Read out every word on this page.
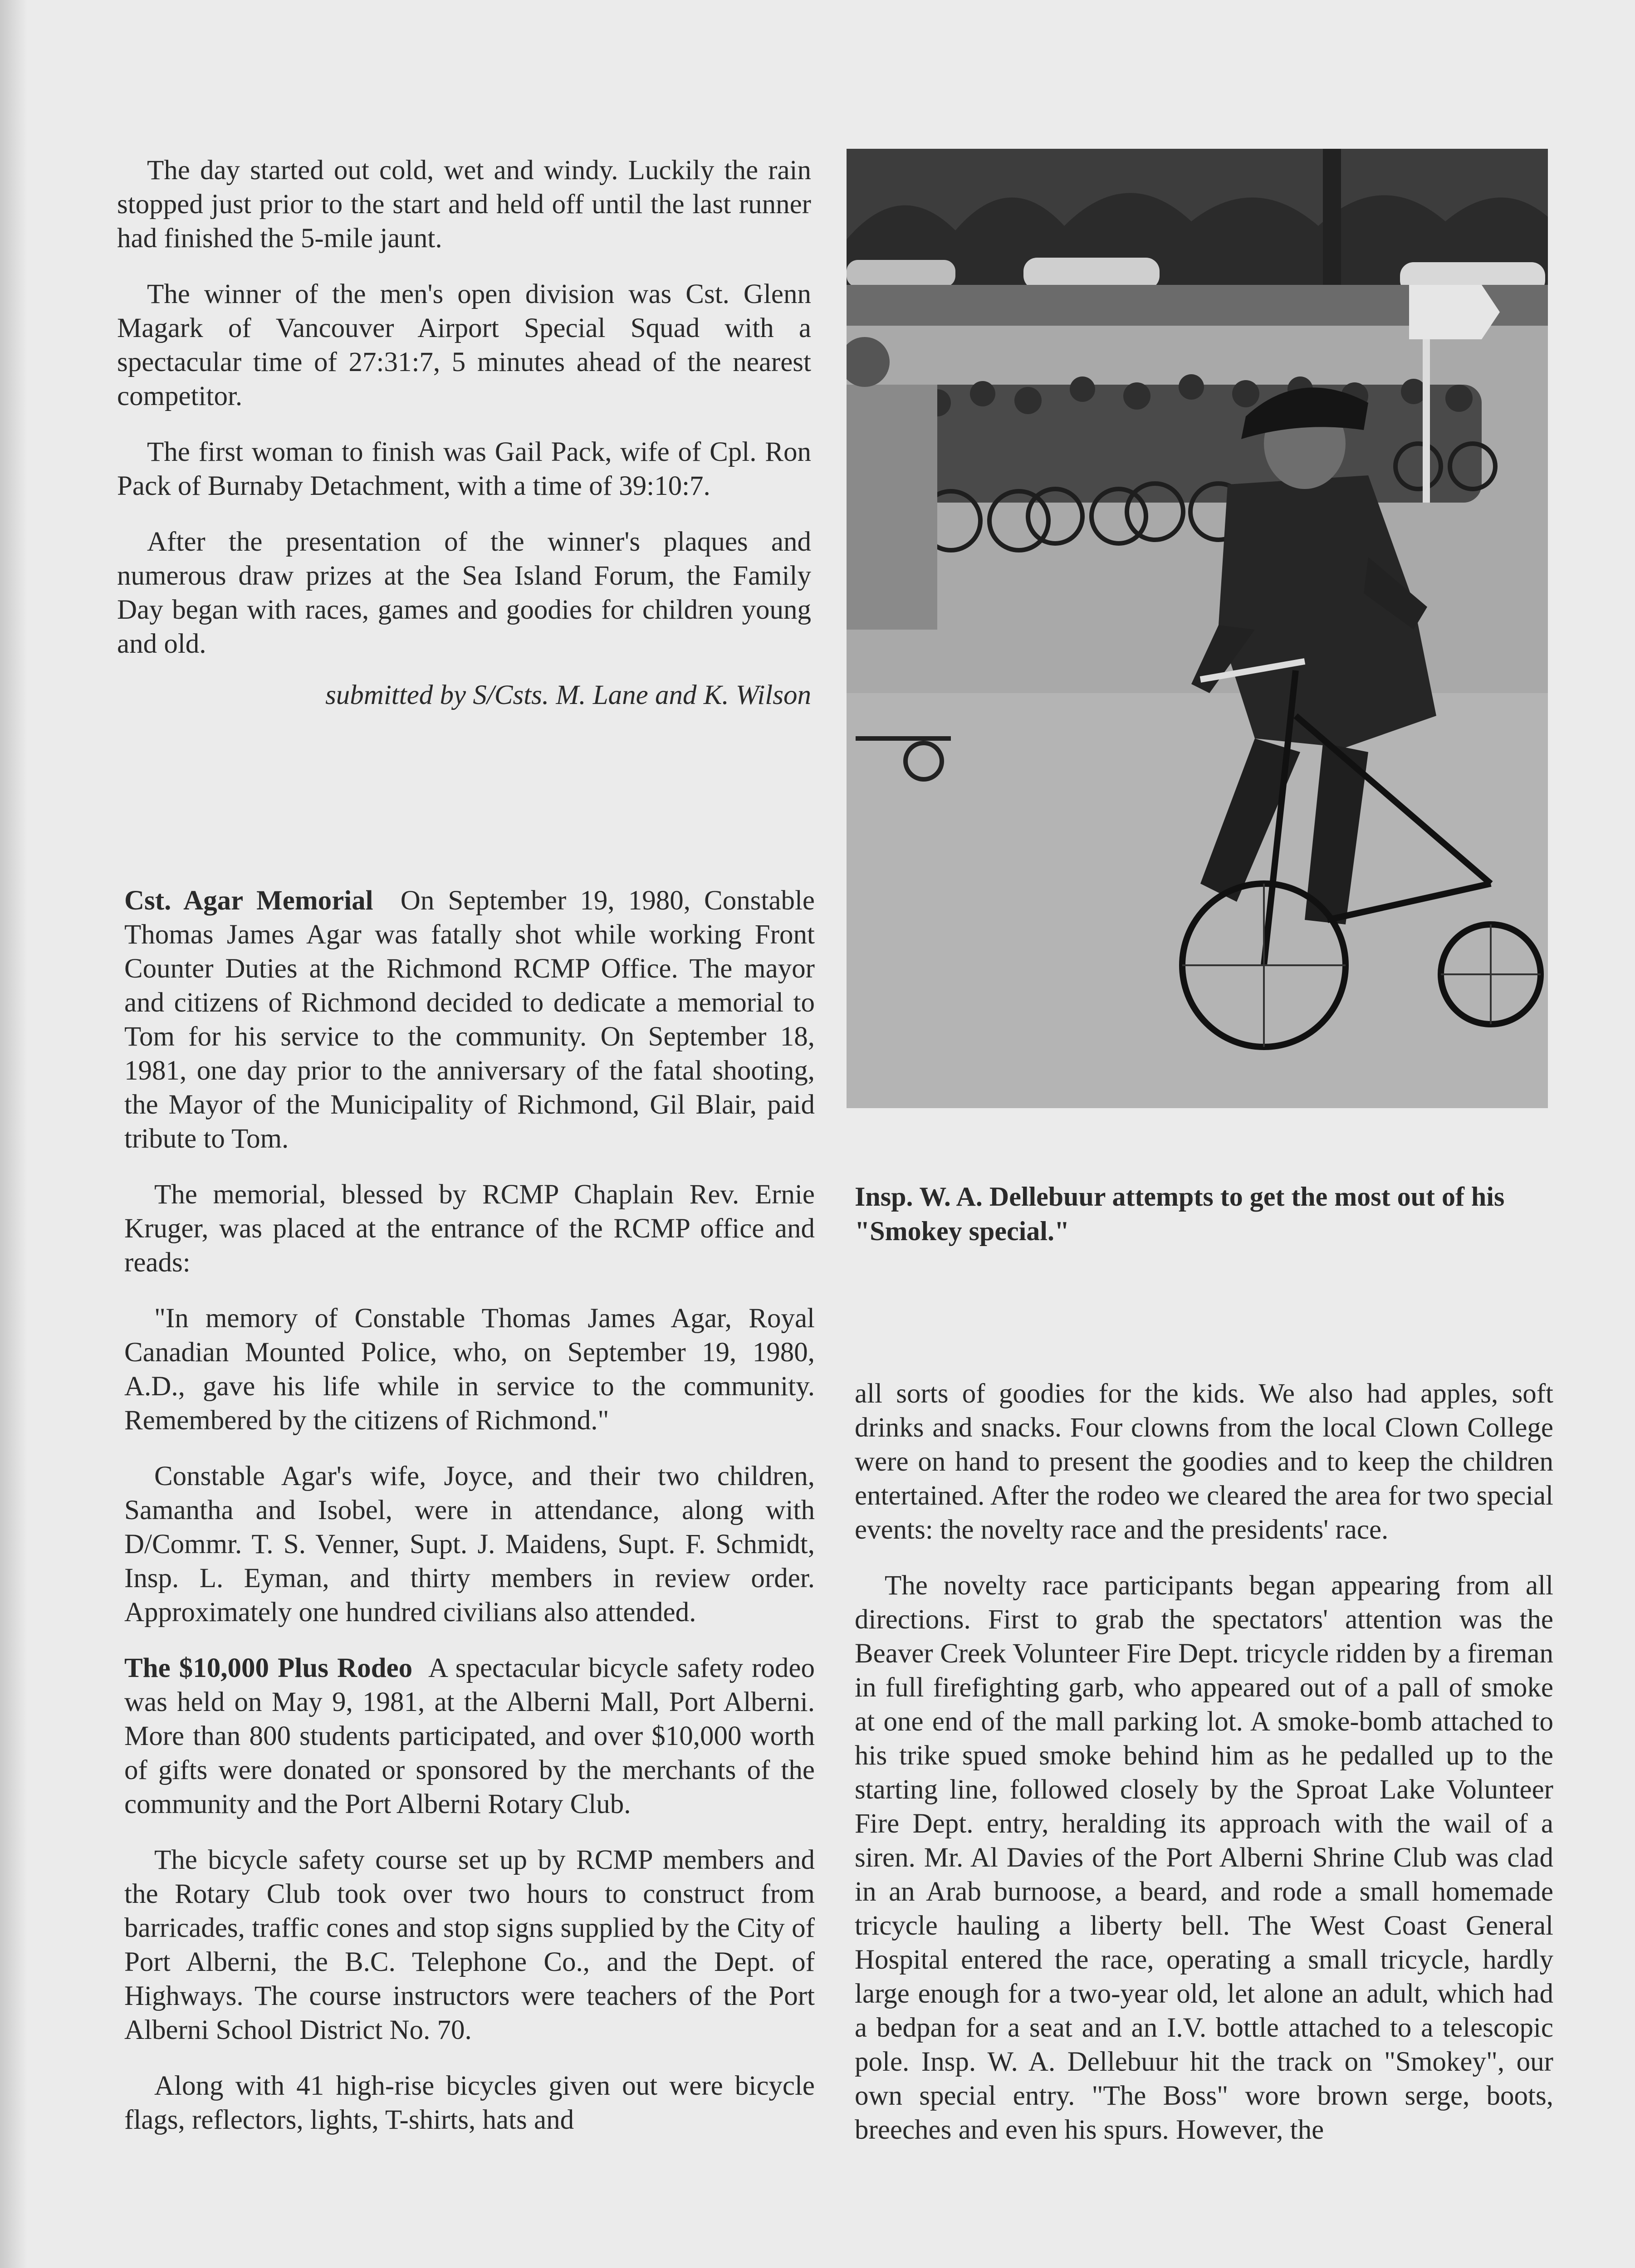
The day started out cold, wet and windy. Luckily the rain stopped just prior to the start and held off until the last runner had finished the 5-mile jaunt.

The winner of the men's open division was Cst. Glenn Magark of Vancouver Airport Special Squad with a spectacular time of 27:31:7, 5 minutes ahead of the nearest competitor.

The first woman to finish was Gail Pack, wife of Cpl. Ron Pack of Burnaby Detachment, with a time of 39:10:7.

After the presentation of the winner's plaques and numerous draw prizes at the Sea Island Forum, the Family Day began with races, games and goodies for children young and old.

submitted by S/Csts. M. Lane and K. Wilson

Cst. Agar Memorial On September 19, 1980, Constable Thomas James Agar was fatally shot while working Front Counter Duties at the Richmond RCMP Office. The mayor and citizens of Richmond decided to dedicate a memorial to Tom for his service to the community. On September 18, 1981, one day prior to the anniversary of the fatal shooting, the Mayor of the Municipality of Richmond, Gil Blair, paid tribute to Tom.

The memorial, blessed by RCMP Chaplain Rev. Ernie Kruger, was placed at the entrance of the RCMP office and reads:

"In memory of Constable Thomas James Agar, Royal Canadian Mounted Police, who, on September 19, 1980, A.D., gave his life while in service to the community. Remembered by the citizens of Richmond."

Constable Agar's wife, Joyce, and their two children, Samantha and Isobel, were in attendance, along with D/Commr. T. S. Venner, Supt. J. Maidens, Supt. F. Schmidt, Insp. L. Eyman, and thirty members in review order. Approximately one hundred civilians also attended.

The $10,000 Plus Rodeo A spectacular bicycle safety rodeo was held on May 9, 1981, at the Alberni Mall, Port Alberni. More than 800 students participated, and over $10,000 worth of gifts were donated or sponsored by the merchants of the community and the Port Alberni Rotary Club.

The bicycle safety course set up by RCMP members and the Rotary Club took over two hours to construct from barricades, traffic cones and stop signs supplied by the City of Port Alberni, the B.C. Telephone Co., and the Dept. of Highways. The course instructors were teachers of the Port Alberni School District No. 70.

Along with 41 high-rise bicycles given out were bicycle flags, reflectors, lights, T-shirts, hats and

Insp. W. A. Dellebuur attempts to get the most out of his "Smokey special."

all sorts of goodies for the kids. We also had apples, soft drinks and snacks. Four clowns from the local Clown College were on hand to present the goodies and to keep the children entertained. After the rodeo we cleared the area for two special events: the novelty race and the presidents' race.

The novelty race participants began appearing from all directions. First to grab the spectators' attention was the Beaver Creek Volunteer Fire Dept. tricycle ridden by a fireman in full firefighting garb, who appeared out of a pall of smoke at one end of the mall parking lot. A smoke-bomb attached to his trike spued smoke behind him as he pedalled up to the starting line, followed closely by the Sproat Lake Volunteer Fire Dept. entry, heralding its approach with the wail of a siren. Mr. Al Davies of the Port Alberni Shrine Club was clad in an Arab burnoose, a beard, and rode a small homemade tricycle hauling a liberty bell. The West Coast General Hospital entered the race, operating a small tricycle, hardly large enough for a two-year old, let alone an adult, which had a bedpan for a seat and an I.V. bottle attached to a telescopic pole. Insp. W. A. Dellebuur hit the track on "Smokey", our own special entry. "The Boss" wore brown serge, boots, breeches and even his spurs. However, the
